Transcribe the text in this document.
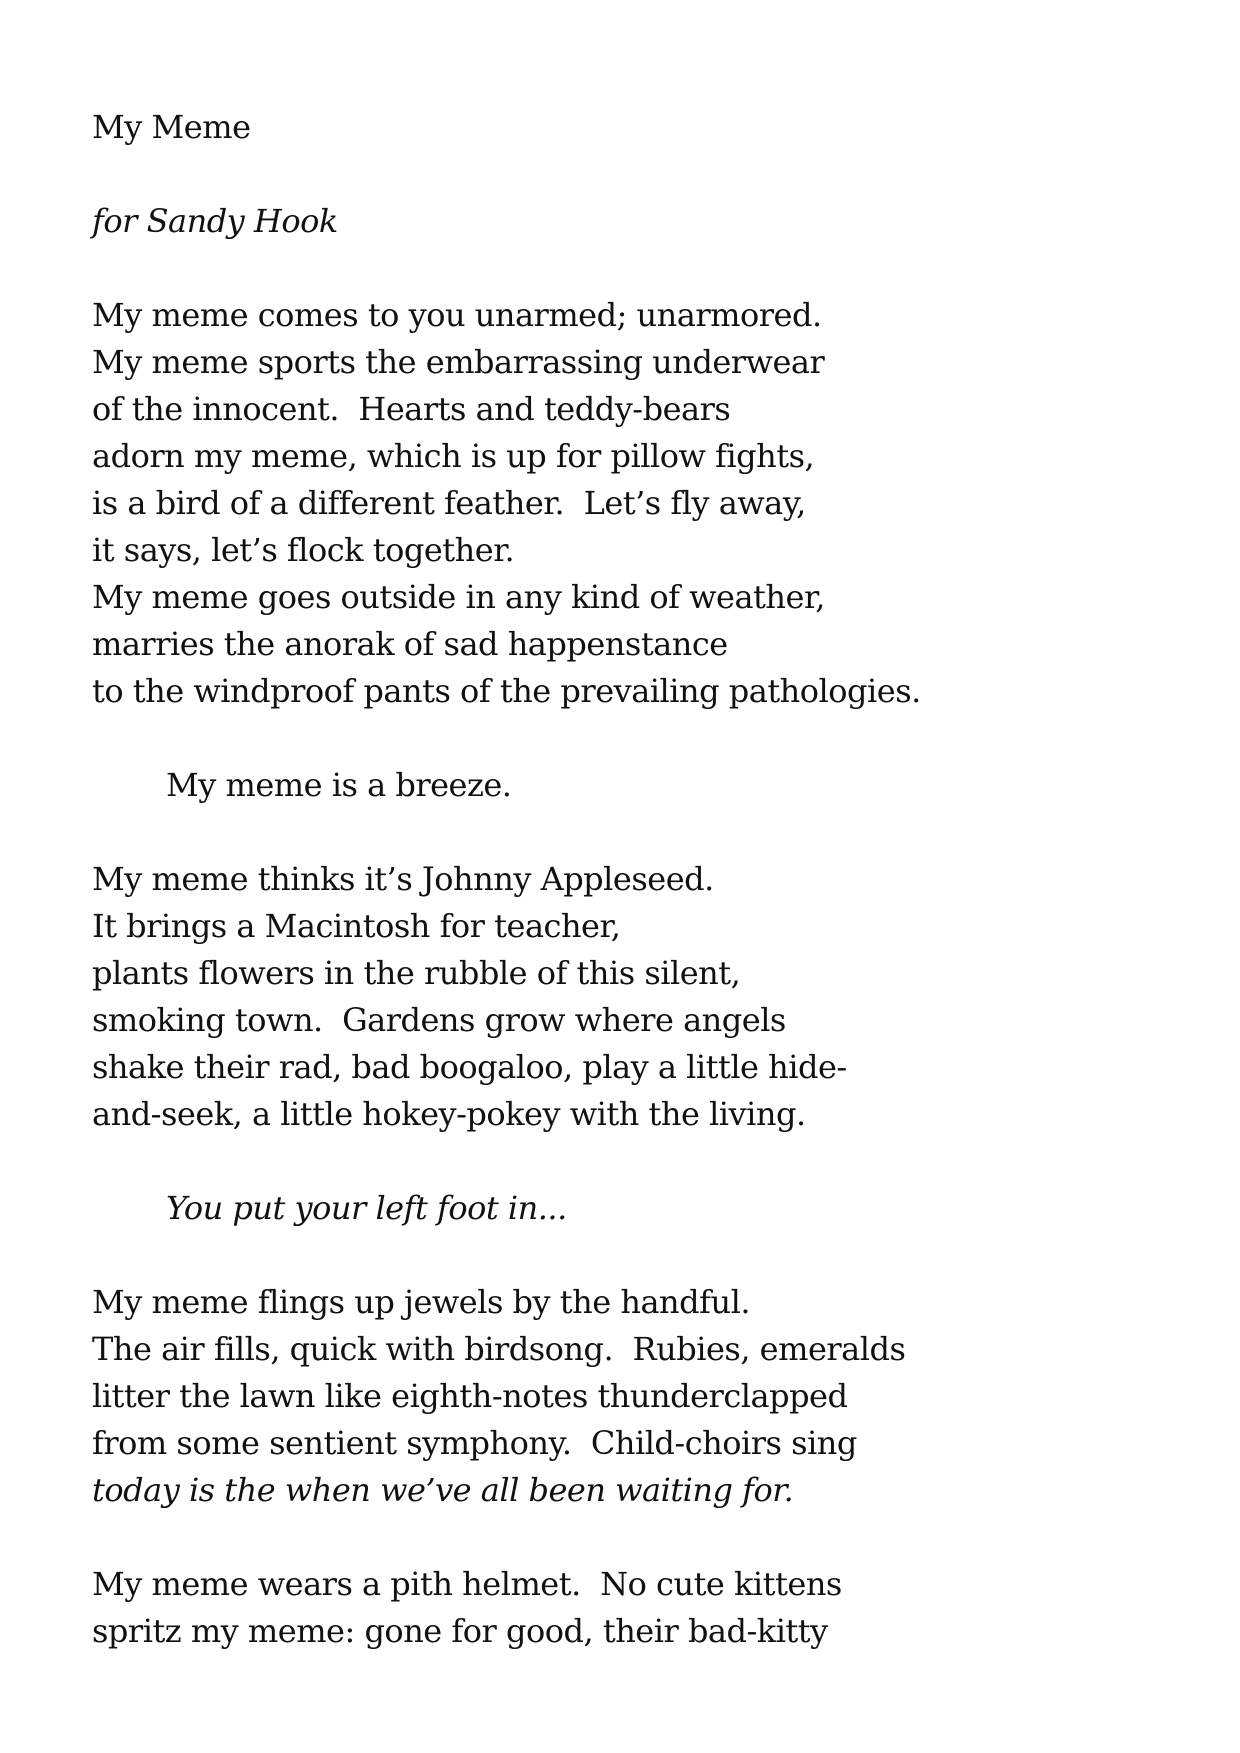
My Meme
for Sandy Hook
My meme comes to you unarmed; unarmored.
My meme sports the embarrassing underwear
of the innocent.  Hearts and teddy-bears
adorn my meme, which is up for pillow fights,
is a bird of a different feather.  Let’s fly away,
it says, let’s flock together.
My meme goes outside in any kind of weather,
marries the anorak of sad happenstance
to the windproof pants of the prevailing pathologies.
My meme is a breeze.
My meme thinks it’s Johnny Appleseed.
It brings a Macintosh for teacher,
plants flowers in the rubble of this silent,
smoking town.  Gardens grow where angels
shake their rad, bad boogaloo, play a little hide-
and-seek, a little hokey-pokey with the living.
You put your left foot in...
My meme flings up jewels by the handful.
The air fills, quick with birdsong.  Rubies, emeralds
litter the lawn like eighth-notes thunderclapped
from some sentient symphony.  Child-choirs sing
today is the when we’ve all been waiting for.
My meme wears a pith helmet.  No cute kittens
spritz my meme: gone for good, their bad-kitty
